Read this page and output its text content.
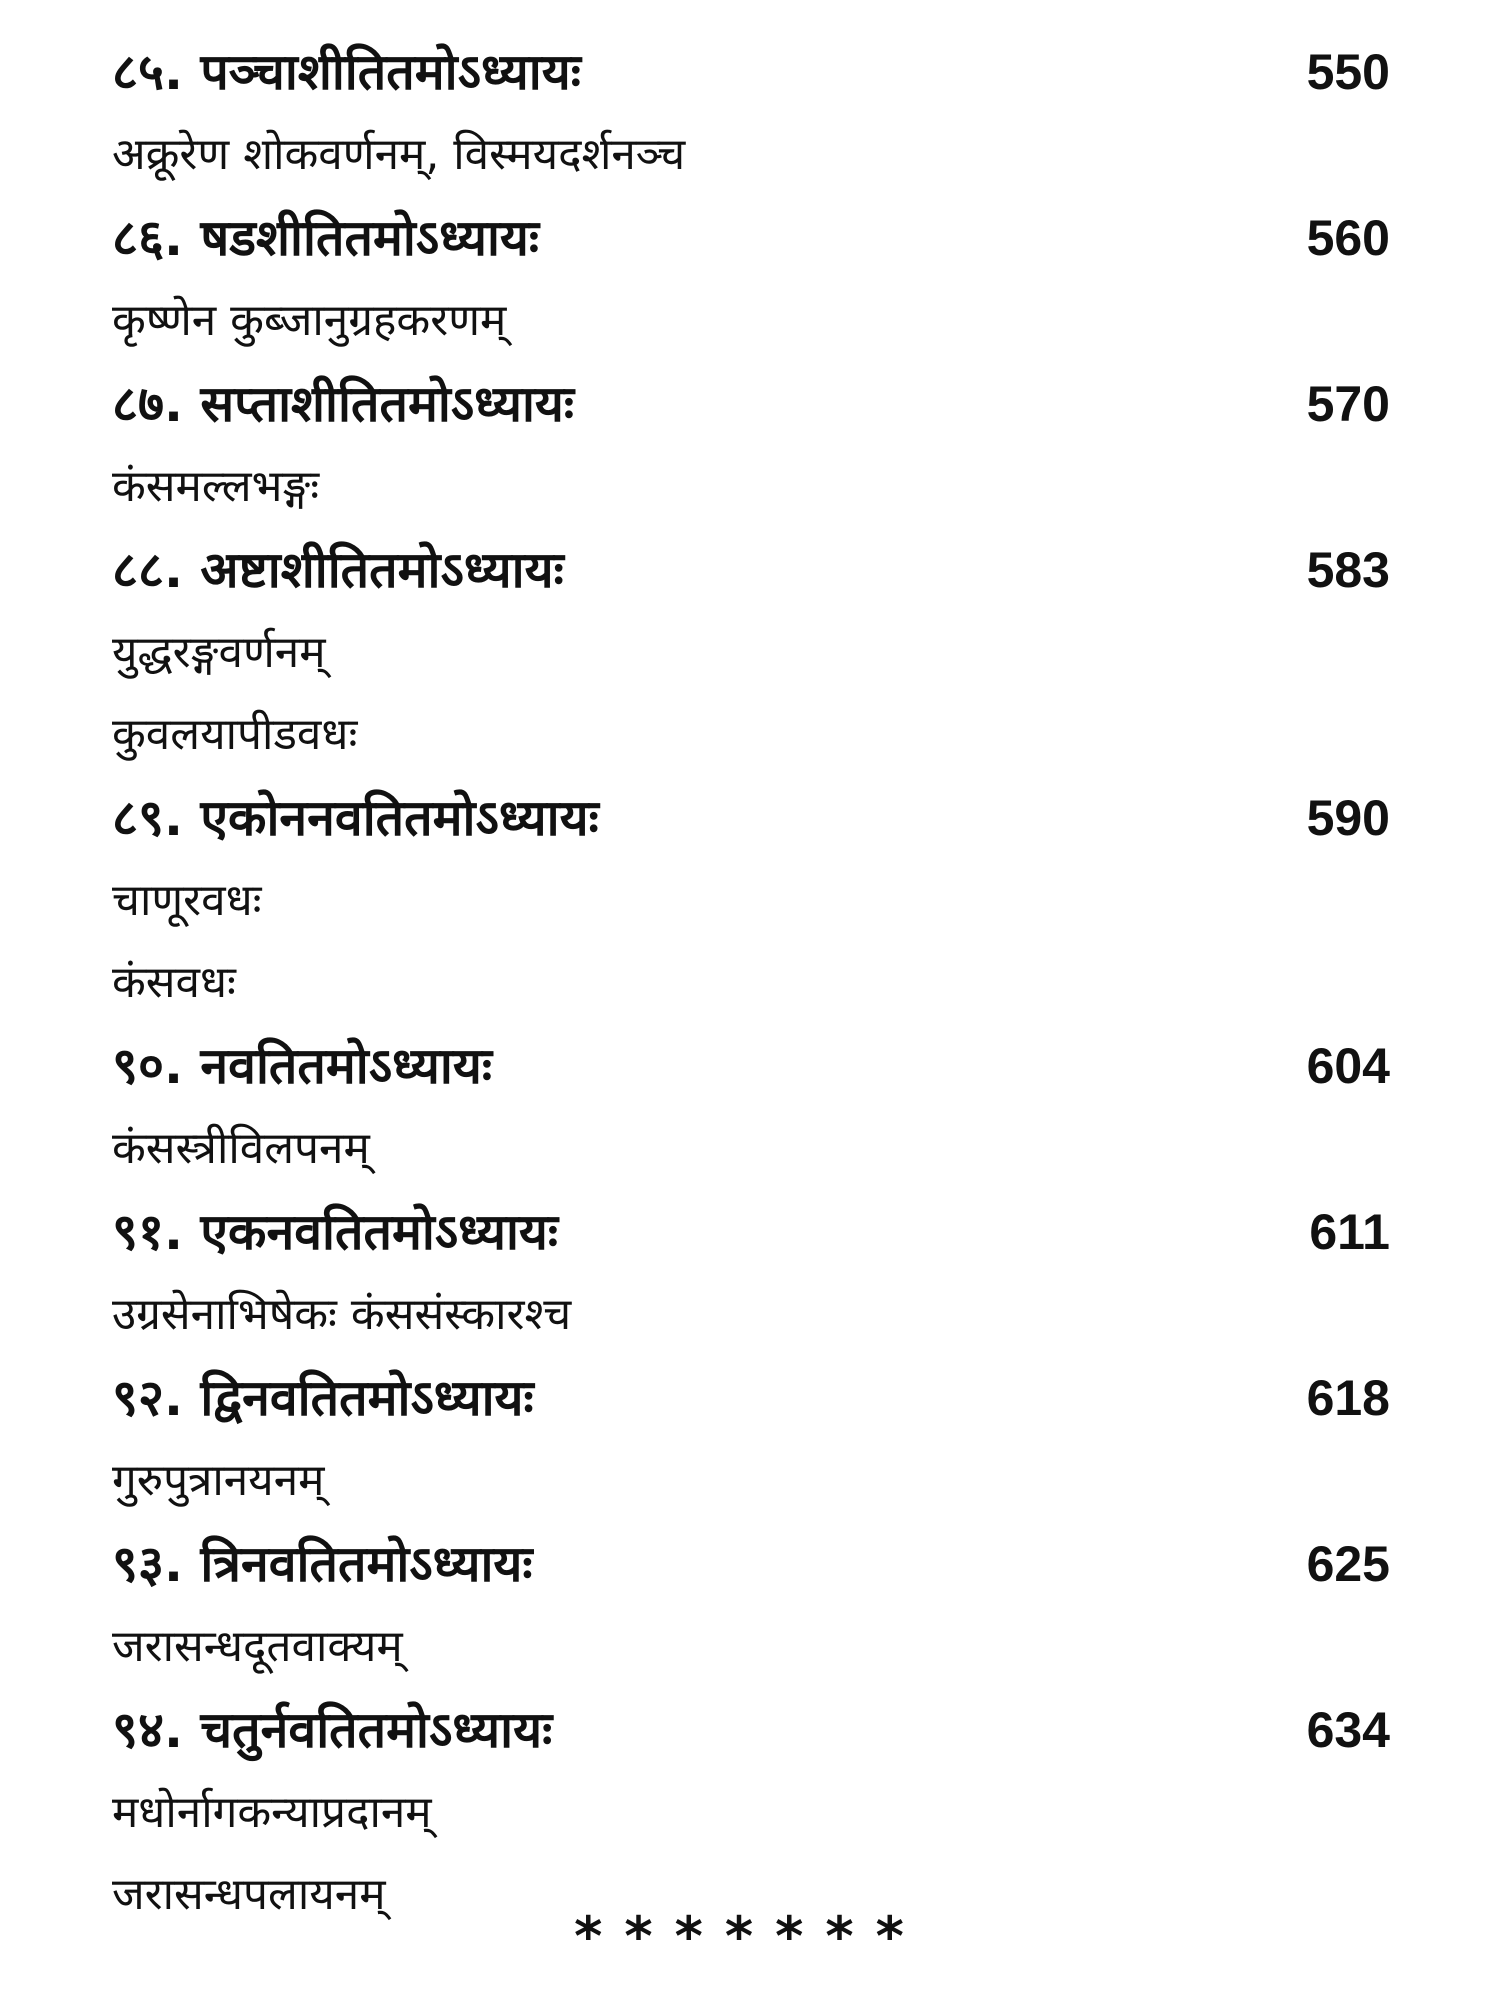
८५. पञ्चाशीतितमोऽध्यायः	550
अक्रूरेण शोकवर्णनम्, विस्मयदर्शनञ्च
८६. षडशीतितमोऽध्यायः	560
कृष्णेन कुब्जानुग्रहकरणम्
८७. सप्ताशीतितमोऽध्यायः	570
कंसमल्लभङ्गः
८८. अष्टाशीतितमोऽध्यायः	583
युद्धरङ्गवर्णनम्
कुवलयापीडवधः
८९. एकोननवतितमोऽध्यायः	590
चाणूरवधः
कंसवधः
९०. नवतितमोऽध्यायः	604
कंसस्त्रीविलपनम्
९१. एकनवतितमोऽध्यायः	611
उग्रसेनाभिषेकः कंससंस्कारश्च
९२. द्विनवतितमोऽध्यायः	618
गुरुपुत्रानयनम्
९३. त्रिनवतितमोऽध्यायः	625
जरासन्धदूतवाक्यम्
९४. चतुर्नवतितमोऽध्यायः	634
मधोर्नागकन्याप्रदानम्
जरासन्धपलायनम्
*******
